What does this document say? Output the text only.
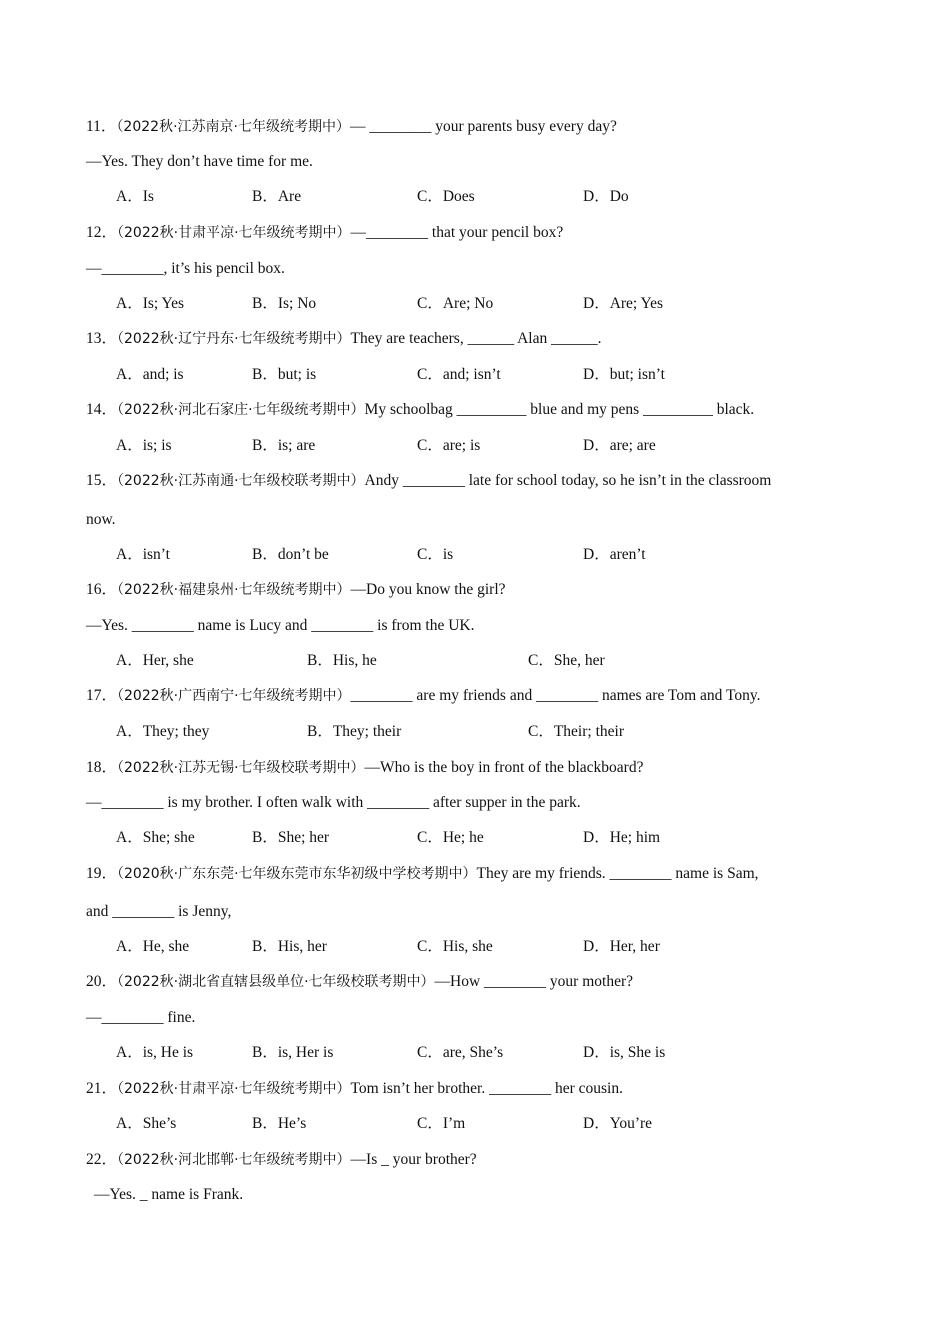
11．（2022秋·江苏南京·七年级统考期中）— ________ your parents busy every day?
—Yes. They don’t have time for me.
A．Is	B．Are	C．Does	D．Do
12．（2022秋·甘肃平凉·七年级统考期中）—________ that your pencil box?
—________, it’s his pencil box.
A．Is; Yes	B．Is; No	C．Are; No	D．Are; Yes
13．（2022秋·辽宁丹东·七年级统考期中）They are teachers, ______ Alan ______.
A．and; is	B．but; is	C．and; isn’t	D．but; isn’t
14．（2022秋·河北石家庄·七年级统考期中）My schoolbag _________ blue and my pens _________ black.
A．is; is	B．is; are	C．are; is	D．are; are
15．（2022秋·江苏南通·七年级校联考期中）Andy ________ late for school today, so he isn’t in the classroom
now.
A．isn’t	B．don’t be	C．is	D．aren’t
16．（2022秋·福建泉州·七年级统考期中）—Do you know the girl?
—Yes. ________ name is Lucy and ________ is from the UK.
A．Her, she	B．His, he	C．She, her
17．（2022秋·广西南宁·七年级统考期中）________ are my friends and ________ names are Tom and Tony.
A．They; they	B．They; their	C．Their; their
18．（2022秋·江苏无锡·七年级校联考期中）—Who is the boy in front of the blackboard?
—________ is my brother. I often walk with ________ after supper in the park.
A．She; she	B．She; her	C．He; he	D．He; him
19．（2020秋·广东东莞·七年级东莞市东华初级中学校考期中）They are my friends. ________ name is Sam,
and ________ is Jenny,
A．He, she	B．His, her	C．His, she	D．Her, her
20．（2022秋·湖北省直辖县级单位·七年级校联考期中）—How ________ your mother?
—________ fine.
A．is, He is	B．is, Her is	C．are, She’s	D．is, She is
21．（2022秋·甘肃平凉·七年级统考期中）Tom isn’t her brother. ________ her cousin.
A．She’s	B．He’s	C．I’m	D．You’re
22．（2022秋·河北邯郸·七年级统考期中）—Is _ your brother?
—Yes. _ name is Frank.
